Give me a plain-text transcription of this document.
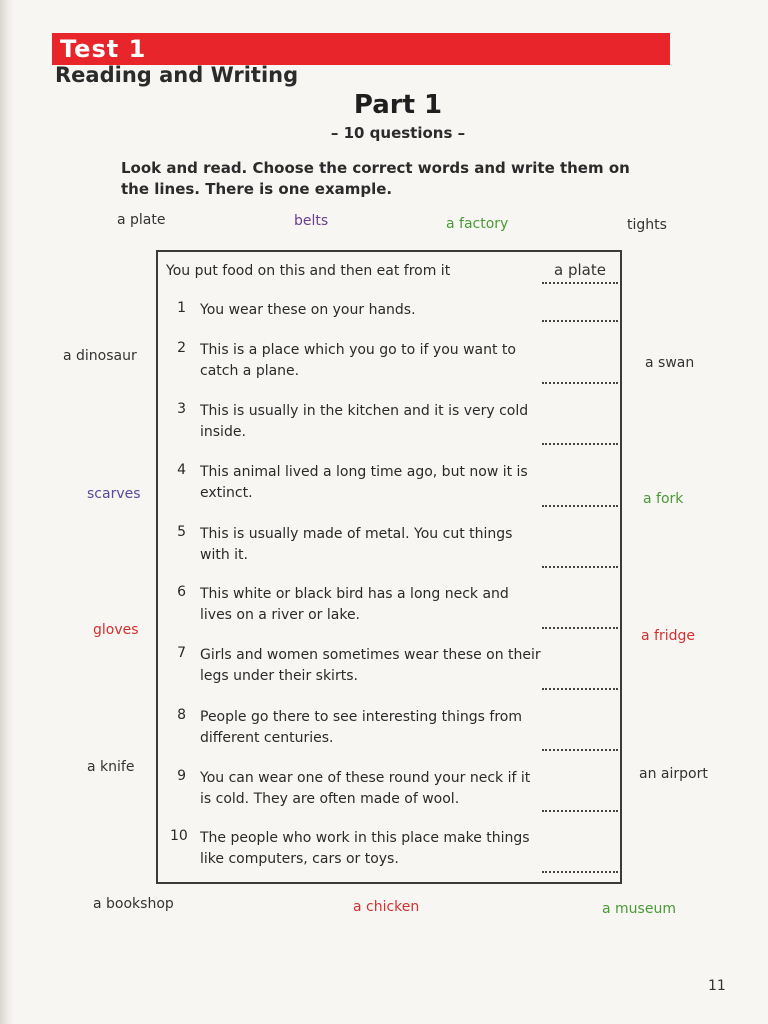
Test 1
Reading and Writing
Part 1
– 10 questions –
Look and read. Choose the correct words and write them on the lines. There is one example.
a plate	belts	a factory	tights
a dinosaur	a swan
scarves	a fork
gloves	a fridge
a knife	an airport
a bookshop	a chicken	a museum
You put food on this and then eat from it	a plate
1 You wear these on your hands.
2 This is a place which you go to if you want to catch a plane.
3 This is usually in the kitchen and it is very cold inside.
4 This animal lived a long time ago, but now it is extinct.
5 This is usually made of metal. You cut things with it.
6 This white or black bird has a long neck and lives on a river or lake.
7 Girls and women sometimes wear these on their legs under their skirts.
8 People go there to see interesting things from different centuries.
9 You can wear one of these round your neck if it is cold. They are often made of wool.
10 The people who work in this place make things like computers, cars or toys.
11
